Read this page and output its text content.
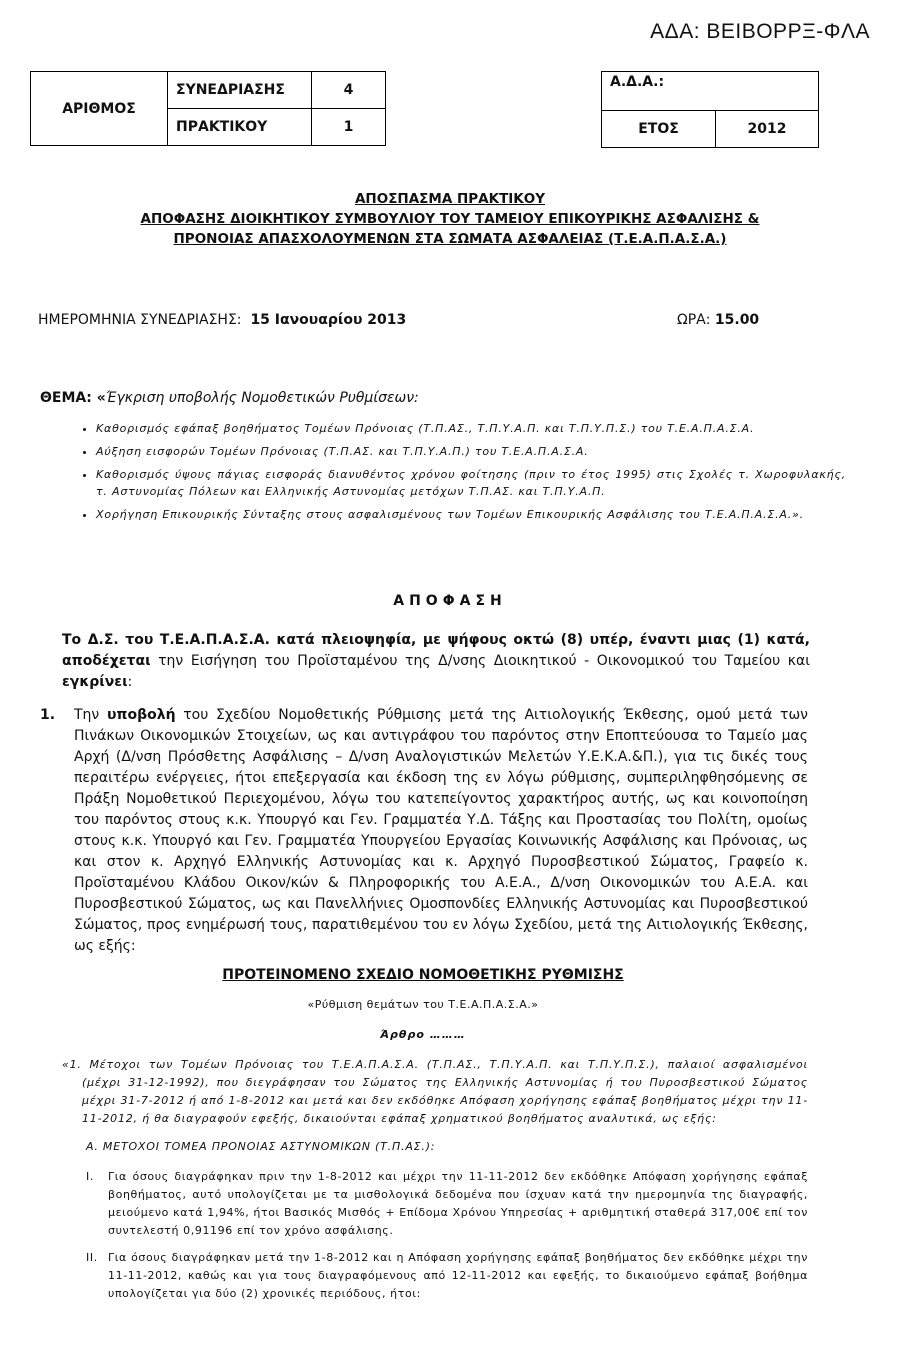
ΑΔΑ: ΒΕΙΒΟΡΡΞ-ΦΛΑ
ΑΡΙΘΜΟΣ	ΣΥΝΕΔΡΙΑΣΗΣ	4
	ΠΡΑΚΤΙΚΟΥ	1
Α.Δ.Α.:
ΕΤΟΣ	2012
ΑΠΟΣΠΑΣΜΑ ΠΡΑΚΤΙΚΟΥ
ΑΠΟΦΑΣΗΣ ΔΙΟΙΚΗΤΙΚΟΥ ΣΥΜΒΟΥΛΙΟΥ ΤΟΥ ΤΑΜΕΙΟΥ ΕΠΙΚΟΥΡΙΚΗΣ ΑΣΦΑΛΙΣΗΣ &
ΠΡΟΝΟΙΑΣ ΑΠΑΣΧΟΛΟΥΜΕΝΩΝ ΣΤΑ ΣΩΜΑΤΑ ΑΣΦΑΛΕΙΑΣ (Τ.Ε.Α.Π.Α.Σ.Α.)
ΗΜΕΡΟΜΗΝΙΑ ΣΥΝΕΔΡΙΑΣΗΣ: 15 Ιανουαρίου 2013	ΩΡΑ: 15.00
ΘΕΜΑ: «Έγκριση υποβολής Νομοθετικών Ρυθμίσεων:
• Καθορισμός εφάπαξ βοηθήματος Τομέων Πρόνοιας (Τ.Π.ΑΣ., Τ.Π.Υ.Α.Π. και Τ.Π.Υ.Π.Σ.) του Τ.Ε.Α.Π.Α.Σ.Α.
• Αύξηση εισφορών Τομέων Πρόνοιας (Τ.Π.ΑΣ. και Τ.Π.Υ.Α.Π.) του Τ.Ε.Α.Π.Α.Σ.Α.
• Καθορισμός ύψους πάγιας εισφοράς διανυθέντος χρόνου φοίτησης (πριν το έτος 1995) στις Σχολές τ. Χωροφυλακής, τ. Αστυνομίας Πόλεων και Ελληνικής Αστυνομίας μετόχων Τ.Π.ΑΣ. και Τ.Π.Υ.Α.Π.
• Χορήγηση Επικουρικής Σύνταξης στους ασφαλισμένους των Τομέων Επικουρικής Ασφάλισης του Τ.Ε.Α.Π.Α.Σ.Α.».
ΑΠΟΦΑΣΗ
Το Δ.Σ. του Τ.Ε.Α.Π.Α.Σ.Α. κατά πλειοψηφία, με ψήφους οκτώ (8) υπέρ, έναντι μιας (1) κατά, αποδέχεται την Εισήγηση του Προϊσταμένου της Δ/νσης Διοικητικού - Οικονομικού του Ταμείου και εγκρίνει:
1. Την υποβολή του Σχεδίου Νομοθετικής Ρύθμισης μετά της Αιτιολογικής Έκθεσης, ομού μετά των Πινάκων Οικονομικών Στοιχείων, ως και αντιγράφου του παρόντος στην Εποπτεύουσα το Ταμείο μας Αρχή (Δ/νση Πρόσθετης Ασφάλισης – Δ/νση Αναλογιστικών Μελετών Υ.Ε.Κ.Α.&Π.), για τις δικές τους περαιτέρω ενέργειες, ήτοι επεξεργασία και έκδοση της εν λόγω ρύθμισης, συμπεριληφθησόμενης σε Πράξη Νομοθετικού Περιεχομένου, λόγω του κατεπείγοντος χαρακτήρος αυτής, ως και κοινοποίηση του παρόντος στους κ.κ. Υπουργό και Γεν. Γραμματέα Υ.Δ. Τάξης και Προστασίας του Πολίτη, ομοίως στους κ.κ. Υπουργό και Γεν. Γραμματέα Υπουργείου Εργασίας Κοινωνικής Ασφάλισης και Πρόνοιας, ως και στον κ. Αρχηγό Ελληνικής Αστυνομίας και κ. Αρχηγό Πυροσβεστικού Σώματος, Γραφείο κ. Προϊσταμένου Κλάδου Οικον/κών & Πληροφορικής του Α.Ε.Α., Δ/νση Οικονομικών του Α.Ε.Α. και Πυροσβεστικού Σώματος, ως και Πανελλήνιες Ομοσπονδίες Ελληνικής Αστυνομίας και Πυροσβεστικού Σώματος, προς ενημέρωσή τους, παρατιθεμένου του εν λόγω Σχεδίου, μετά της Αιτιολογικής Έκθεσης, ως εξής:
ΠΡΟΤΕΙΝΟΜΕΝΟ ΣΧΕΔΙΟ ΝΟΜΟΘΕΤΙΚΗΣ ΡΥΘΜΙΣΗΣ
«Ρύθμιση θεμάτων του Τ.Ε.Α.Π.Α.Σ.Α.»
Άρθρο ………
«1. Μέτοχοι των Τομέων Πρόνοιας του Τ.Ε.Α.Π.Α.Σ.Α. (Τ.Π.ΑΣ., Τ.Π.Υ.Α.Π. και Τ.Π.Υ.Π.Σ.), παλαιοί ασφαλισμένοι (μέχρι 31-12-1992), που διεγράφησαν του Σώματος της Ελληνικής Αστυνομίας ή του Πυροσβεστικού Σώματος μέχρι 31-7-2012 ή από 1-8-2012 και μετά και δεν εκδόθηκε Απόφαση χορήγησης εφάπαξ βοηθήματος μέχρι την 11-11-2012, ή θα διαγραφούν εφεξής, δικαιούνται εφάπαξ χρηματικού βοηθήματος αναλυτικά, ως εξής:
Α. ΜΕΤΟΧΟΙ ΤΟΜΕΑ ΠΡΟΝΟΙΑΣ ΑΣΤΥΝΟΜΙΚΩΝ (Τ.Π.ΑΣ.):
I. Για όσους διαγράφηκαν πριν την 1-8-2012 και μέχρι την 11-11-2012 δεν εκδόθηκε Απόφαση χορήγησης εφάπαξ βοηθήματος, αυτό υπολογίζεται με τα μισθολογικά δεδομένα που ίσχυαν κατά την ημερομηνία της διαγραφής, μειούμενο κατά 1,94%, ήτοι Βασικός Μισθός + Επίδομα Χρόνου Υπηρεσίας + αριθμητική σταθερά 317,00€ επί τον συντελεστή 0,91196 επί τον χρόνο ασφάλισης.
II. Για όσους διαγράφηκαν μετά την 1-8-2012 και η Απόφαση χορήγησης εφάπαξ βοηθήματος δεν εκδόθηκε μέχρι την 11-11-2012, καθώς και για τους διαγραφόμενους από 12-11-2012 και εφεξής, το δικαιούμενο εφάπαξ βοήθημα υπολογίζεται για δύο (2) χρονικές περιόδους, ήτοι:
